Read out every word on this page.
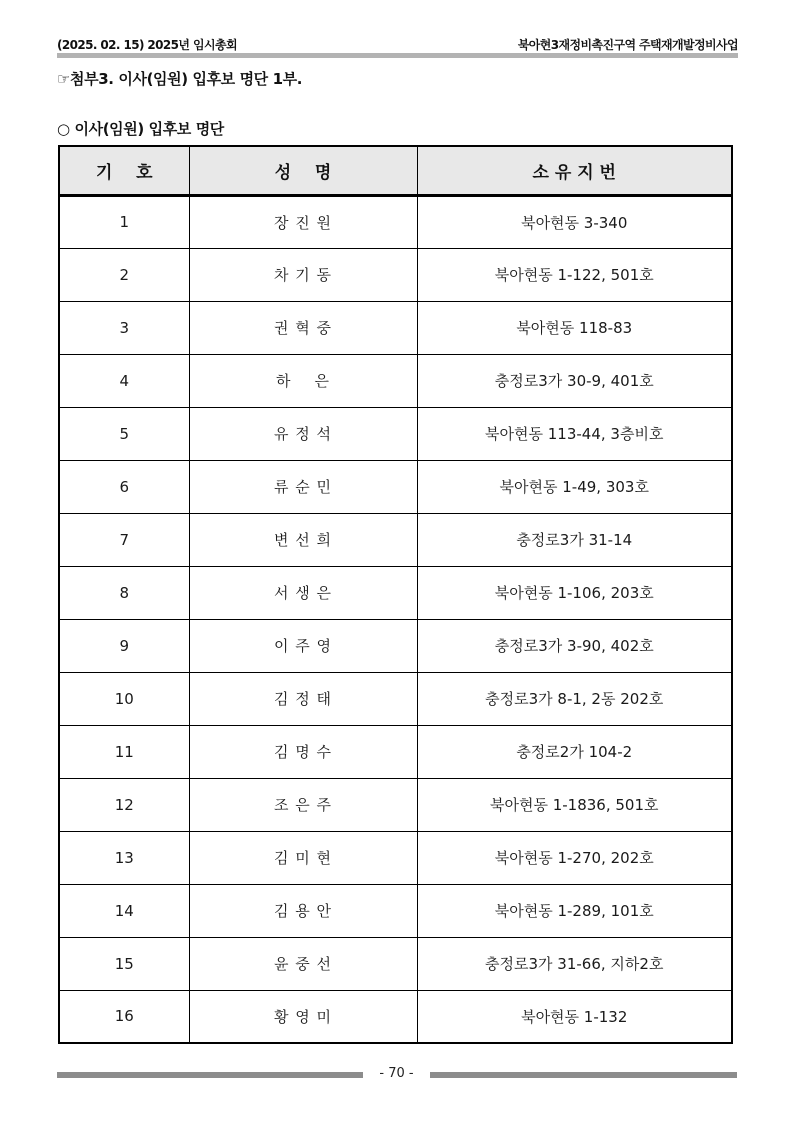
(2025. 02. 15) 2025년 임시총회	북아현3재정비촉진구역 주택재개발정비사업
☞첨부3. 이사(임원) 입후보 명단 1부.
○ 이사(임원) 입후보 명단
기    호	성    명	소 유 지 번
1	장 진 원	북아현동 3-340
2	차 기 동	북아현동 1-122, 501호
3	권 혁 중	북아현동 118-83
4	하    은	충정로3가 30-9, 401호
5	유 정 석	북아현동 113-44, 3층비호
6	류 순 민	북아현동 1-49, 303호
7	변 선 희	충정로3가 31-14
8	서 생 은	북아현동 1-106, 203호
9	이 주 영	충정로3가 3-90, 402호
10	김 정 태	충정로3가 8-1, 2동 202호
11	김 명 수	충정로2가 104-2
12	조 은 주	북아현동 1-1836, 501호
13	김 미 현	북아현동 1-270, 202호
14	김 용 안	북아현동 1-289, 101호
15	윤 중 선	충정로3가 31-66, 지하2호
16	황 영 미	북아현동 1-132
- 70 -
